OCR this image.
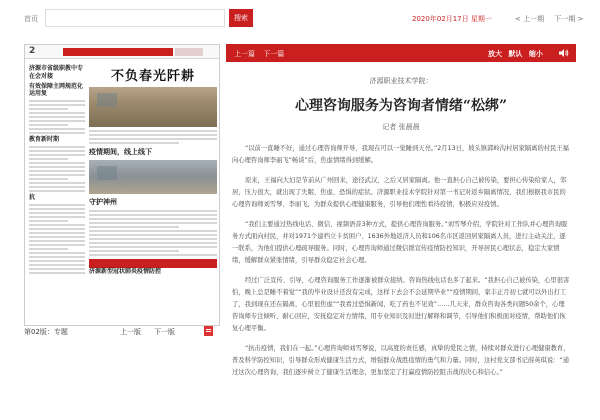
首页	搜索	2020年02月17日 星期一	< 上一期 下一期 >
2
济源市省级职教中专在会对接
有效保障主网规范化运用复
教育新时期
抗
不负春光阡耕
疫情期间，线上线下
守护神州
济源新型冠状肺炎疫情防控
第02版：专题	上一版 下一版
上一篇 下一篇	放大 默认 缩小
济源职业技术学院：
心理咨询服务为咨询者情绪“松绑”
记者 张晨晨

“以前一直睡不好，通过心理咨询师开导，我现在可以一觉睡到天亮。”2月13日，坡头镇郭岭沟村居家隔离的村民王福向心理咨询师李丽飞“畅谈”后，焦虑情绪得到缓解。

原来，王福向大妇是节前从广州回来，途径武汉，之后又居家隔离。他一直担心自己被传染，要担心传染给家人，邻居，压力很大，就出现了失眠、焦虑、恐惧的症状。济源职业技术学院针对第一书记对返乡隔离情况，我们根据我市民的心理咨询师刘雪琴、李丽飞，为群众提供心理健康服务，引导他们理性看待疫情，积极应对疫情。

“我们主要通过热线电话、微信、视频语音3种方式，提供心理咨询服务。”刘雪琴介绍，学院针对工作队并心理咨询服务方式面向村民，并对1971个建档立卡贫困户、1636外地返济人员和106名市区返回居家隔离人员，进行主动关注，逐一联系，为他们提供心理疏导服务。同时，心理咨询师通过微信群宣传疫情防控知识，开导居民心理状态，稳定大家情绪，缓解群众紧张情绪，引导群众稳定社会心理。

经过广泛宣传、引导，心理咨询服务工作逐渐被群众接纳。咨询热线电话也多了起来。“我担心自己被传染，心里很害怕，晚上总是睡不着觉”“我的毕业设计还没有完成，这样下去会不会延期毕业”“疫情期间，家丰正月初七就可以外出打工了，我到现在还在隔离，心里很焦虑”“我看过恐惧新闻，吃了药也不见效”……几天来，群众咨询各类问题50余个，心理咨询师专注倾听、耐心回应，安抚稳定对方情绪，用专业知识及时进行解释和调节，引导他们积极面对疫情，帮助他们恢复心理平衡。

“抗击疫情，我们在一起。”心理咨询师刘雪琴说，以高度的责任感，真挚的爱民之情，持续对群众进行心理健康教育，普及科学防控知识，引导群众形成健康生活方式，增强群众战胜疫情的勇气和力量。同时，这村党支部书记薛英琪说：“通过这次心理咨询，我们逐步树立了健康生活理念，更加坚定了打赢疫情防控阻击战的决心和信心。”
